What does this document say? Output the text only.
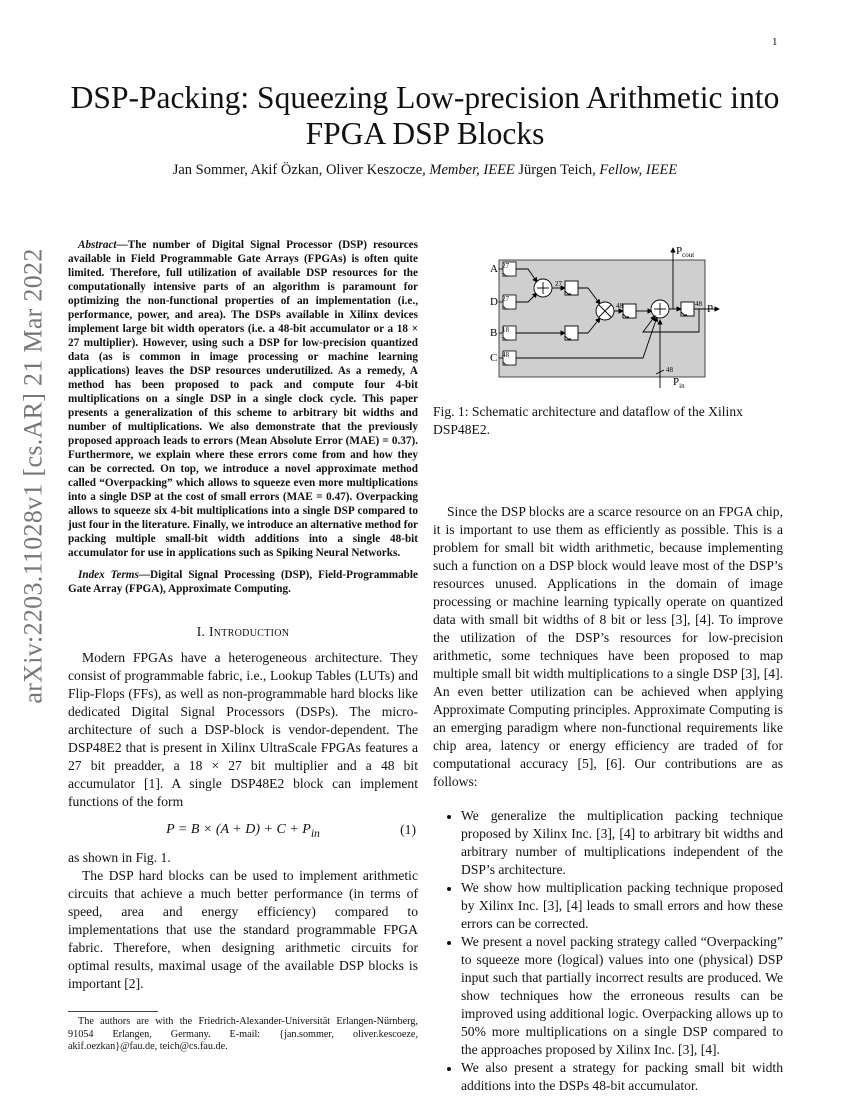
1
arXiv:2203.11028v1 [cs.AR] 21 Mar 2022
DSP-Packing: Squeezing Low-precision Arithmetic into FPGA DSP Blocks
Jan Sommer, Akif Özkan, Oliver Keszocze, Member, IEEE Jürgen Teich, Fellow, IEEE

Abstract—The number of Digital Signal Processor (DSP) resources available in Field Programmable Gate Arrays (FPGAs) is often quite limited. Therefore, full utilization of available DSP resources for the computationally intensive parts of an algorithm is paramount for optimizing the non-functional properties of an implementation (i.e., performance, power, and area). The DSPs available in Xilinx devices implement large bit width operators (i.e. a 48-bit accumulator or a 18 × 27 multiplier). However, using such a DSP for low-precision quantized data (as is common in image processing or machine learning applications) leaves the DSP resources underutilized. As a remedy, A method has been proposed to pack and compute four 4-bit multiplications on a single DSP in a single clock cycle. This paper presents a generalization of this scheme to arbitrary bit widths and number of multiplications. We also demonstrate that the previously proposed approach leads to errors (Mean Absolute Error (MAE) = 0.37). Furthermore, we explain where these errors come from and how they can be corrected. On top, we introduce a novel approximate method called “Overpacking” which allows to squeeze even more multiplications into a single DSP at the cost of small errors (MAE = 0.47). Overpacking allows to squeeze six 4-bit multiplications into a single DSP compared to just four in the literature. Finally, we introduce an alternative method for packing multiple small-bit width additions into a single 48-bit accumulator for use in applications such as Spiking Neural Networks.

Index Terms—Digital Signal Processing (DSP), Field-Programmable Gate Array (FPGA), Approximate Computing.

I. Introduction

Modern FPGAs have a heterogeneous architecture. They consist of programmable fabric, i.e., Lookup Tables (LUTs) and Flip-Flops (FFs), as well as non-programmable hard blocks like dedicated Digital Signal Processors (DSPs). The micro-architecture of such a DSP-block is vendor-dependent. The DSP48E2 that is present in Xilinx UltraScale FPGAs features a 27 bit preadder, a 18 × 27 bit multiplier and a 48 bit accumulator [1]. A single DSP48E2 block can implement functions of the form

$P = B \times (A + D) + C + P_{in}$	(1)

as shown in Fig. 1.

The DSP hard blocks can be used to implement arithmetic circuits that achieve a much better performance (in terms of speed, area and energy efficiency) compared to implementations that use the standard programmable FPGA fabric. Therefore, when designing arithmetic circuits for optimal results, maximal usage of the available DSP blocks is important [2].

The authors are with the Friedrich-Alexander-Universität Erlangen-Nürnberg, 91054 Erlangen, Germany. E-mail: {jan.sommer, oliver.kescoeze, akif.oezkan}@fau.de, teich@cs.fau.de.

A
D
B
C
27
27
18
48
27
48	48
48
P
$P_{cout}$
$P_{in}$

Fig. 1: Schematic architecture and dataflow of the Xilinx DSP48E2.

Since the DSP blocks are a scarce resource on an FPGA chip, it is important to use them as efficiently as possible. This is a problem for small bit width arithmetic, because implementing such a function on a DSP block would leave most of the DSP’s resources unused. Applications in the domain of image processing or machine learning typically operate on quantized data with small bit widths of 8 bit or less [3], [4]. To improve the utilization of the DSP’s resources for low-precision arithmetic, some techniques have been proposed to map multiple small bit width multiplications to a single DSP [3], [4]. An even better utilization can be achieved when applying Approximate Computing principles. Approximate Computing is an emerging paradigm where non-functional requirements like chip area, latency or energy efficiency are traded of for computational accuracy [5], [6]. Our contributions are as follows:

• We generalize the multiplication packing technique proposed by Xilinx Inc. [3], [4] to arbitrary bit widths and arbitrary number of multiplications independent of the DSP’s architecture.
• We show how multiplication packing technique proposed by Xilinx Inc. [3], [4] leads to small errors and how these errors can be corrected.
• We present a novel packing strategy called “Overpacking” to squeeze more (logical) values into one (physical) DSP input such that partially incorrect results are produced. We show techniques how the erroneous results can be improved using additional logic. Overpacking allows up to 50% more multiplications on a single DSP compared to the approaches proposed by Xilinx Inc. [3], [4].
• We also present a strategy for packing small bit width additions into the DSPs 48-bit accumulator.
